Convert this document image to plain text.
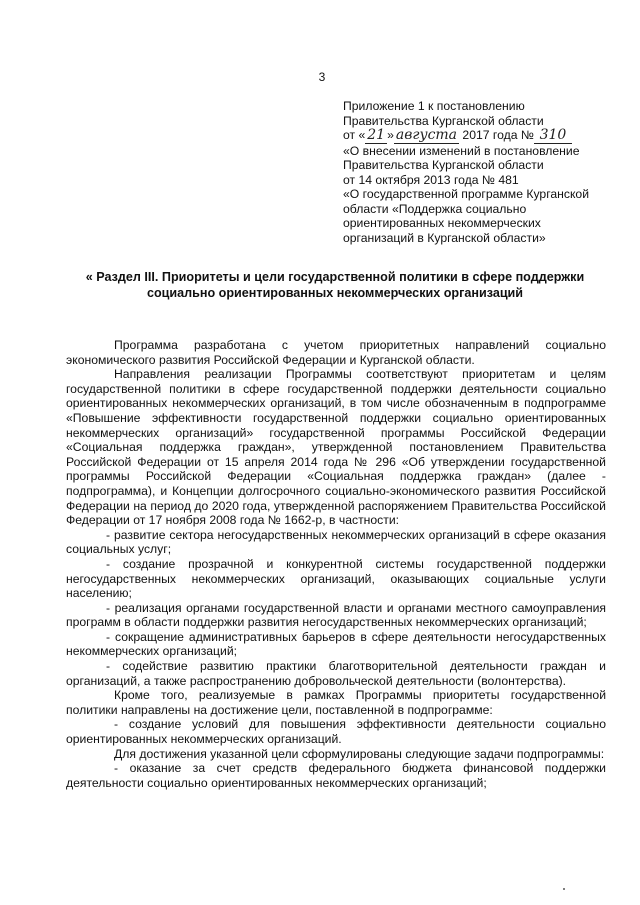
3
Приложение 1 к постановлению
Правительства Курганской области
от « 21 » августа 2017 года № 310
«О внесении изменений в постановление
Правительства Курганской области
от 14 октября 2013 года № 481
«О государственной программе Курганской
области «Поддержка социально
ориентированных некоммерческих
организаций в Курганской области»
« Раздел III. Приоритеты и цели государственной политики в сфере поддержки
социально ориентированных некоммерческих организаций

Программа разработана с учетом приоритетных направлений социально экономического развития Российской Федерации и Курганской области.

Направления реализации Программы соответствуют приоритетам и целям государственной политики в сфере государственной поддержки деятельности социально ориентированных некоммерческих организаций, в том числе обозначенным в подпрограмме «Повышение эффективности государственной поддержки социально ориентированных некоммерческих организаций» государственной программы Российской Федерации «Социальная поддержка граждан», утвержденной постановлением Правительства Российской Федерации от 15 апреля 2014 года № 296 «Об утверждении государственной программы Российской Федерации «Социальная поддержка граждан» (далее - подпрограмма), и Концепции долгосрочного социально-экономического развития Российской Федерации на период до 2020 года, утвержденной распоряжением Правительства Российской Федерации от 17 ноября 2008 года № 1662-р, в частности:

- развитие сектора негосударственных некоммерческих организаций в сфере оказания социальных услуг;

- создание прозрачной и конкурентной системы государственной поддержки негосударственных некоммерческих организаций, оказывающих социальные услуги населению;

- реализация органами государственной власти и органами местного самоуправления программ в области поддержки развития негосударственных некоммерческих организаций;

- сокращение административных барьеров в сфере деятельности негосударственных некоммерческих организаций;

- содействие развитию практики благотворительной деятельности граждан и организаций, а также распространению добровольческой деятельности (волонтерства).

Кроме того, реализуемые в рамках Программы приоритеты государственной политики направлены на достижение цели, поставленной в подпрограмме:

- создание условий для повышения эффективности деятельности социально ориентированных некоммерческих организаций.

Для достижения указанной цели сформулированы следующие задачи подпрограммы:

- оказание за счет средств федерального бюджета финансовой поддержки деятельности социально ориентированных некоммерческих организаций;
